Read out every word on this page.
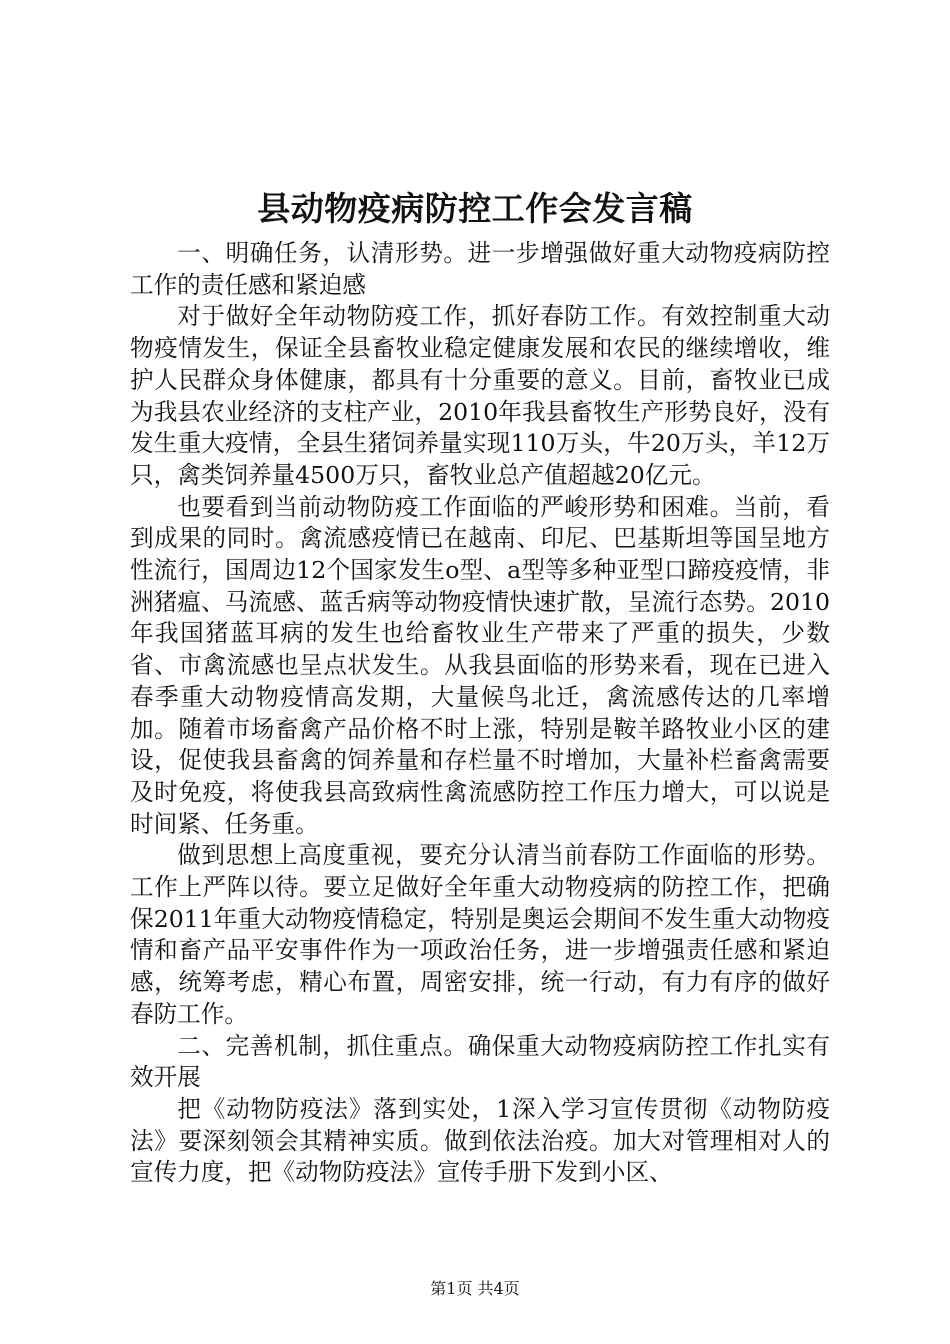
县动物疫病防控工作会发言稿

一、明确任务，认清形势。进一步增强做好重大动物疫病防控工作的责任感和紧迫感

对于做好全年动物防疫工作，抓好春防工作。有效控制重大动物疫情发生，保证全县畜牧业稳定健康发展和农民的继续增收，维护人民群众身体健康，都具有十分重要的意义。目前，畜牧业已成为我县农业经济的支柱产业，2010年我县畜牧生产形势良好，没有发生重大疫情，全县生猪饲养量实现110万头，牛20万头，羊12万只，禽类饲养量4500万只，畜牧业总产值超越20亿元。

也要看到当前动物防疫工作面临的严峻形势和困难。当前，看到成果的同时。禽流感疫情已在越南、印尼、巴基斯坦等国呈地方性流行，国周边12个国家发生o型、a型等多种亚型口蹄疫疫情，非洲猪瘟、马流感、蓝舌病等动物疫情快速扩散，呈流行态势。2010年我国猪蓝耳病的发生也给畜牧业生产带来了严重的损失，少数省、市禽流感也呈点状发生。从我县面临的形势来看，现在已进入春季重大动物疫情高发期，大量候鸟北迁，禽流感传达的几率增加。随着市场畜禽产品价格不时上涨，特别是鞍羊路牧业小区的建设，促使我县畜禽的饲养量和存栏量不时增加，大量补栏畜禽需要及时免疫，将使我县高致病性禽流感防控工作压力增大，可以说是时间紧、任务重。

做到思想上高度重视，要充分认清当前春防工作面临的形势。工作上严阵以待。要立足做好全年重大动物疫病的防控工作，把确保2011年重大动物疫情稳定，特别是奥运会期间不发生重大动物疫情和畜产品平安事件作为一项政治任务，进一步增强责任感和紧迫感，统筹考虑，精心布置，周密安排，统一行动，有力有序的做好春防工作。

二、完善机制，抓住重点。确保重大动物疫病防控工作扎实有效开展

把《动物防疫法》落到实处，1深入学习宣传贯彻《动物防疫法》要深刻领会其精神实质。做到依法治疫。加大对管理相对人的宣传力度，把《动物防疫法》宣传手册下发到小区、

第1页 共4页
